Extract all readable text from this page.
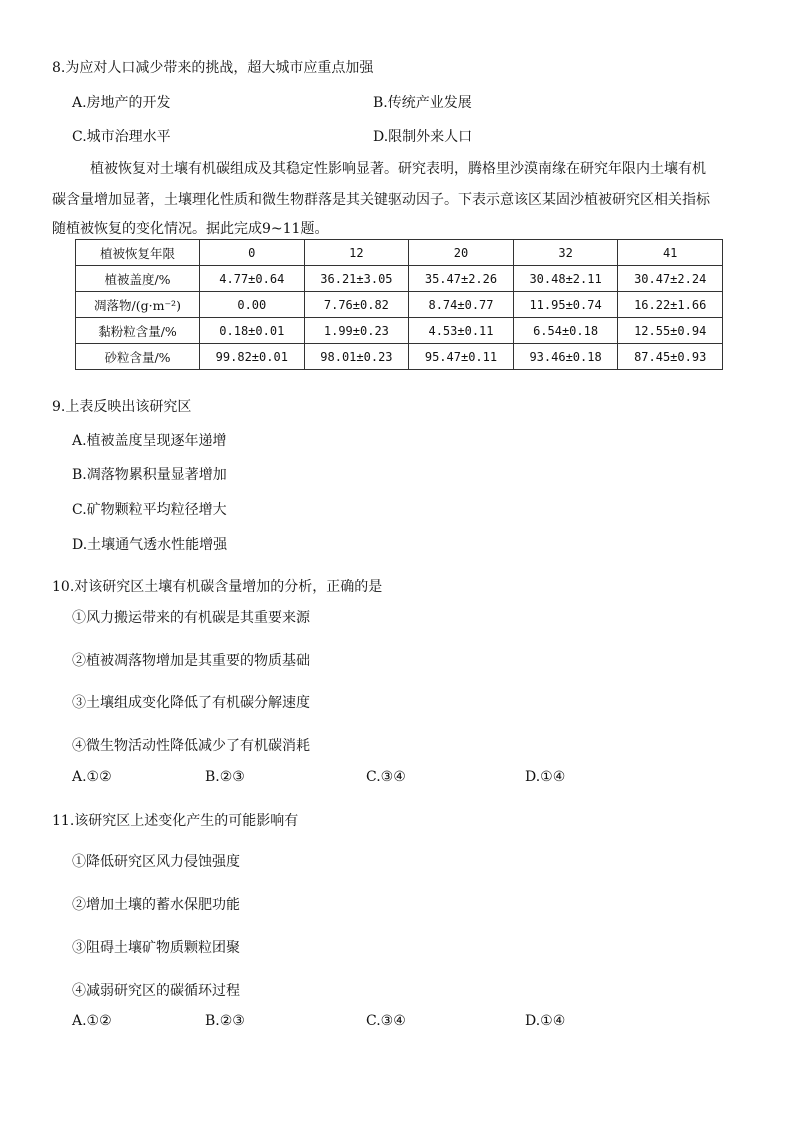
8.为应对人口减少带来的挑战，超大城市应重点加强
A.房地产的开发	B.传统产业发展
C.城市治理水平	D.限制外来人口
植被恢复对土壤有机碳组成及其稳定性影响显著。研究表明，腾格里沙漠南缘在研究年限内土壤有机
碳含量增加显著，土壤理化性质和微生物群落是其关键驱动因子。下表示意该区某固沙植被研究区相关指标
随植被恢复的变化情况。据此完成9~11题。
植被恢复年限	0	12	20	32	41
植被盖度/%	4.77±0.64	36.21±3.05	35.47±2.26	30.48±2.11	30.47±2.24
凋落物/(g·m⁻²)	0.00	7.76±0.82	8.74±0.77	11.95±0.74	16.22±1.66
黏粉粒含量/%	0.18±0.01	1.99±0.23	4.53±0.11	6.54±0.18	12.55±0.94
砂粒含量/%	99.82±0.01	98.01±0.23	95.47±0.11	93.46±0.18	87.45±0.93
9.上表反映出该研究区
A.植被盖度呈现逐年递增
B.凋落物累积量显著增加
C.矿物颗粒平均粒径增大
D.土壤通气透水性能增强
10.对该研究区土壤有机碳含量增加的分析，正确的是
①风力搬运带来的有机碳是其重要来源
②植被凋落物增加是其重要的物质基础
③土壤组成变化降低了有机碳分解速度
④微生物活动性降低减少了有机碳消耗
A.①②	B.②③	C.③④	D.①④
11.该研究区上述变化产生的可能影响有
①降低研究区风力侵蚀强度
②增加土壤的蓄水保肥功能
③阻碍土壤矿物质颗粒团聚
④减弱研究区的碳循环过程
A.①②	B.②③	C.③④	D.①④
